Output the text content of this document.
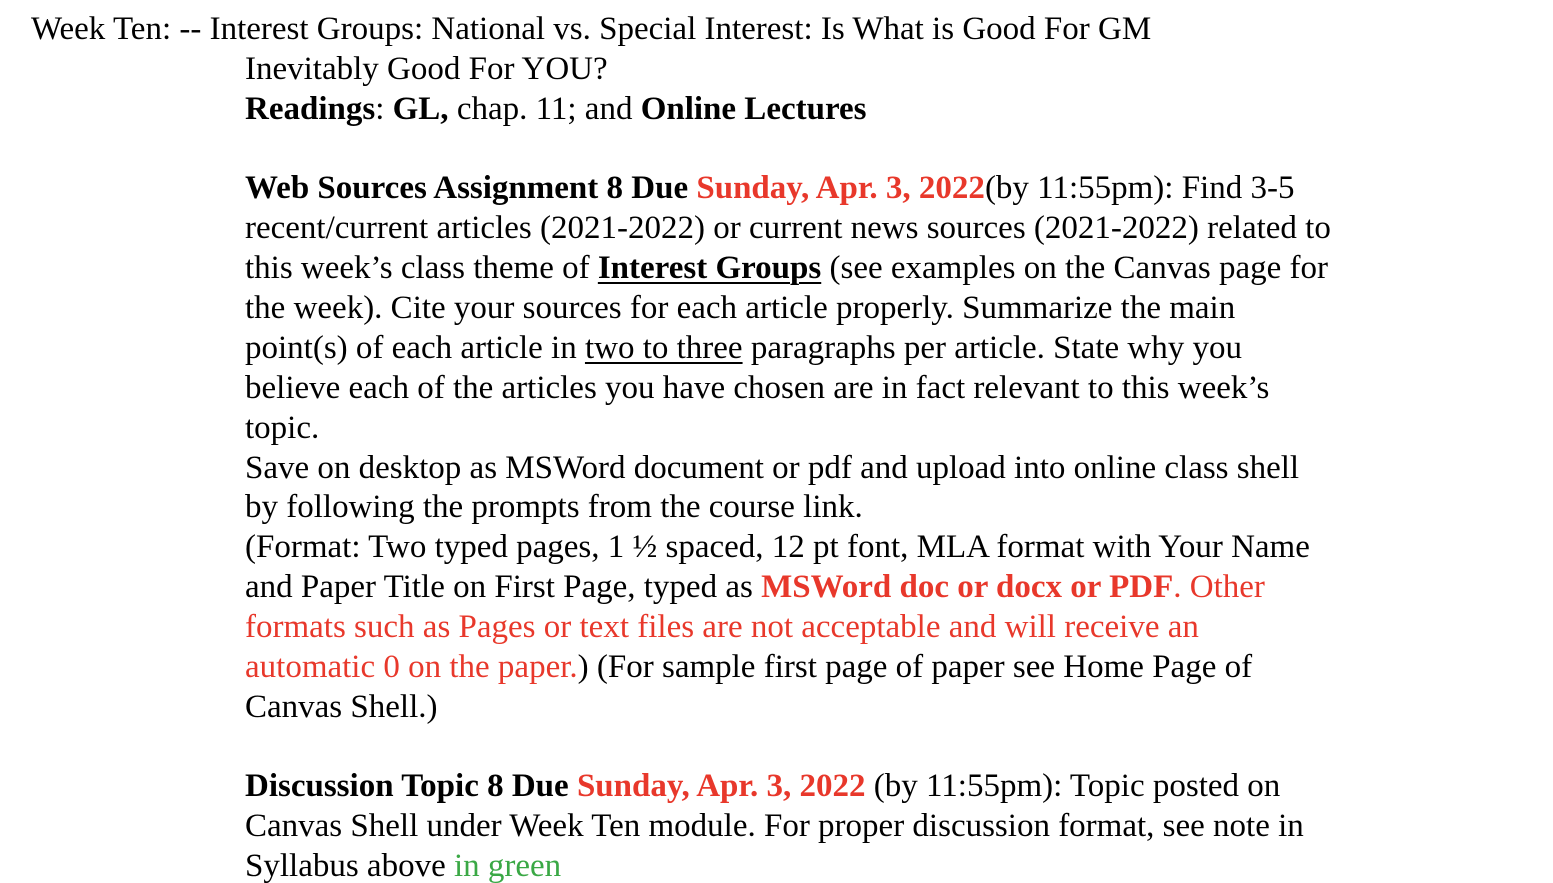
Week Ten: -- Interest Groups: National vs. Special Interest: Is What is Good For GM
Inevitably Good For YOU?
Readings: GL, chap. 11; and Online Lectures
Web Sources Assignment 8 Due Sunday, Apr. 3, 2022(by 11:55pm): Find 3-5
recent/current articles (2021-2022) or current news sources (2021-2022) related to
this week’s class theme of Interest Groups (see examples on the Canvas page for
the week). Cite your sources for each article properly. Summarize the main
point(s) of each article in two to three paragraphs per article. State why you
believe each of the articles you have chosen are in fact relevant to this week’s
topic.
Save on desktop as MSWord document or pdf and upload into online class shell
by following the prompts from the course link.
(Format: Two typed pages, 1 ½ spaced, 12 pt font, MLA format with Your Name
and Paper Title on First Page, typed as MSWord doc or docx or PDF. Other
formats such as Pages or text files are not acceptable and will receive an
automatic 0 on the paper.) (For sample first page of paper see Home Page of
Canvas Shell.)
Discussion Topic 8 Due Sunday, Apr. 3, 2022 (by 11:55pm): Topic posted on
Canvas Shell under Week Ten module. For proper discussion format, see note in
Syllabus above in green
